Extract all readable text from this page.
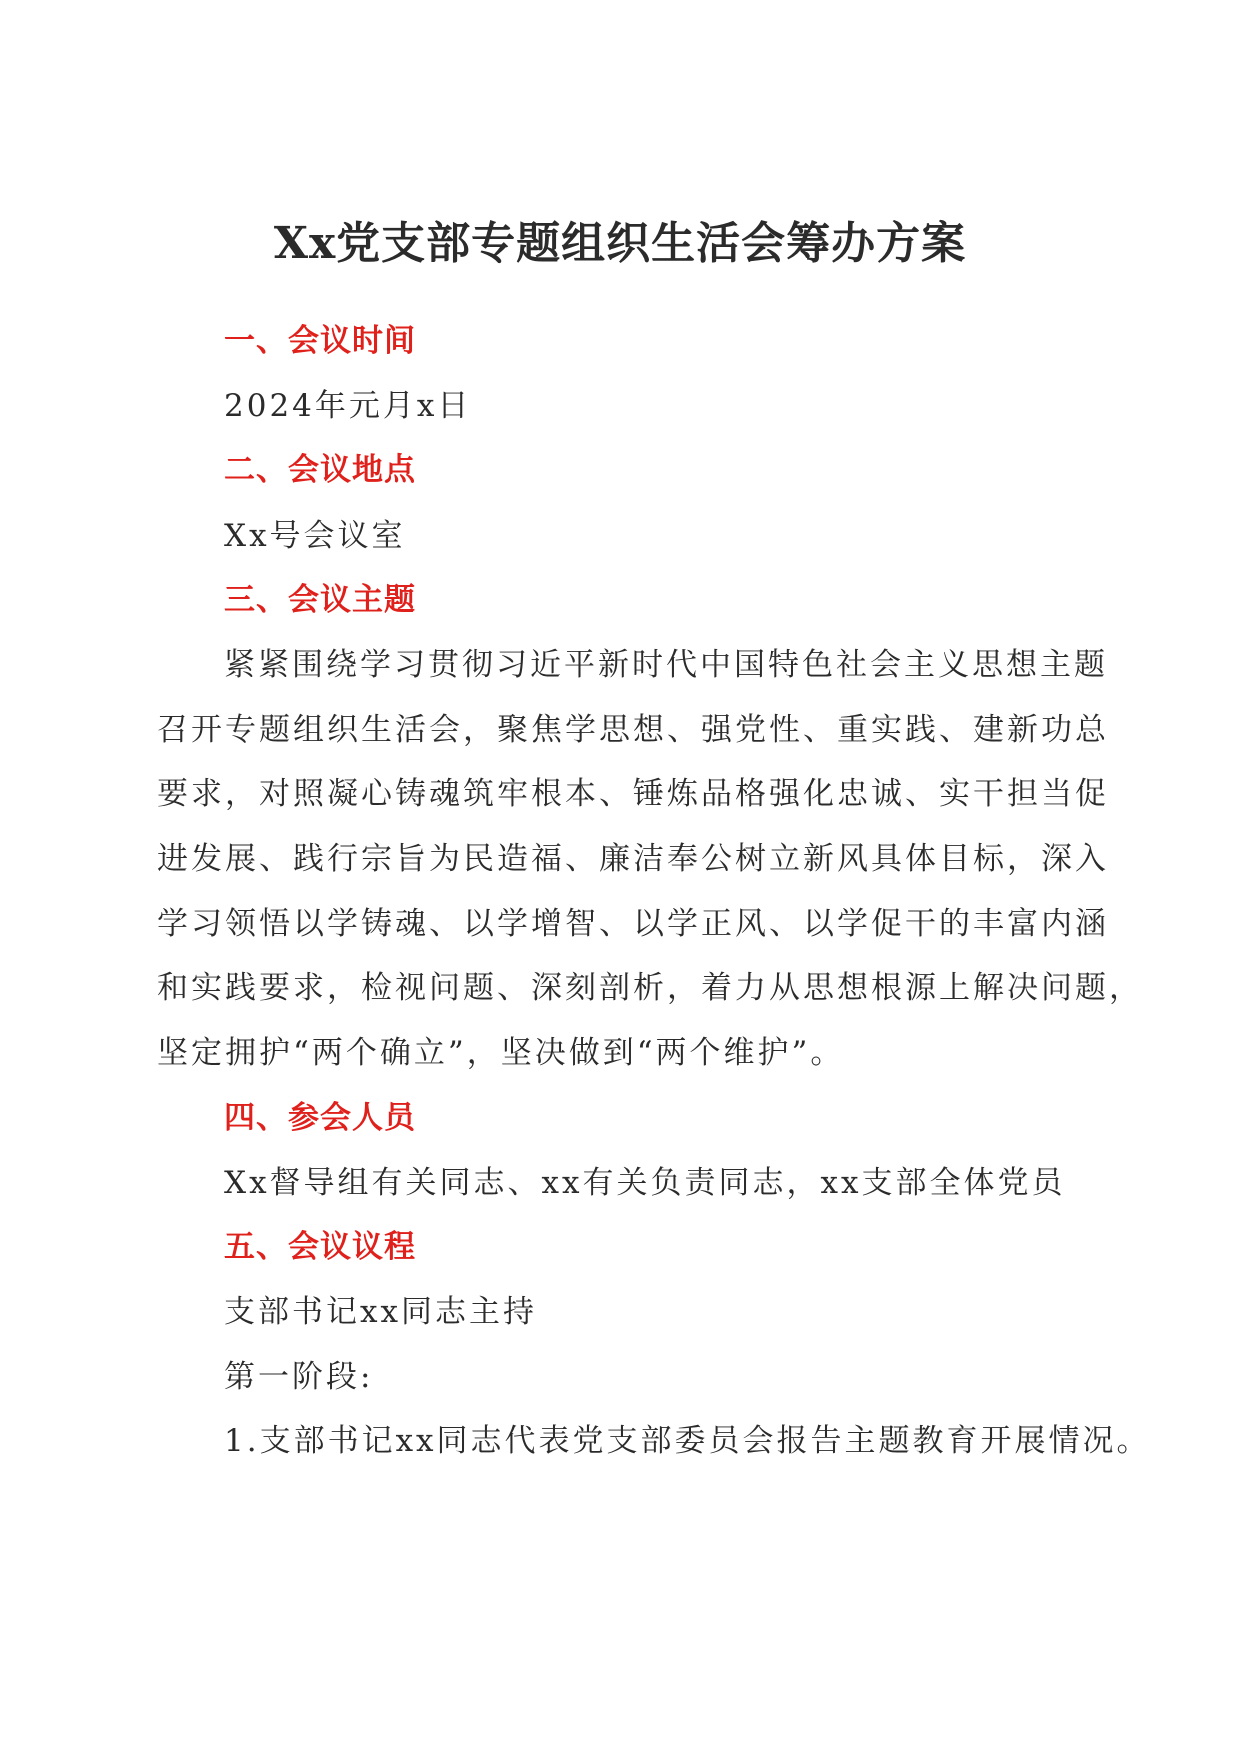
Xx党支部专题组织生活会筹办方案
一、会议时间
2024年元月x日
二、会议地点
Xx号会议室
三、会议主题
紧紧围绕学习贯彻习近平新时代中国特色社会主义思想主题
召开专题组织生活会，聚焦学思想、强党性、重实践、建新功总
要求，对照凝心铸魂筑牢根本、锤炼品格强化忠诚、实干担当促
进发展、践行宗旨为民造福、廉洁奉公树立新风具体目标，深入
学习领悟以学铸魂、以学增智、以学正风、以学促干的丰富内涵
和实践要求，检视问题、深刻剖析，着力从思想根源上解决问题，
坚定拥护“两个确立”，坚决做到“两个维护”。
四、参会人员
Xx督导组有关同志、xx有关负责同志，xx支部全体党员
五、会议议程
支部书记xx同志主持
第一阶段:
1.支部书记xx同志代表党支部委员会报告主题教育开展情况。
